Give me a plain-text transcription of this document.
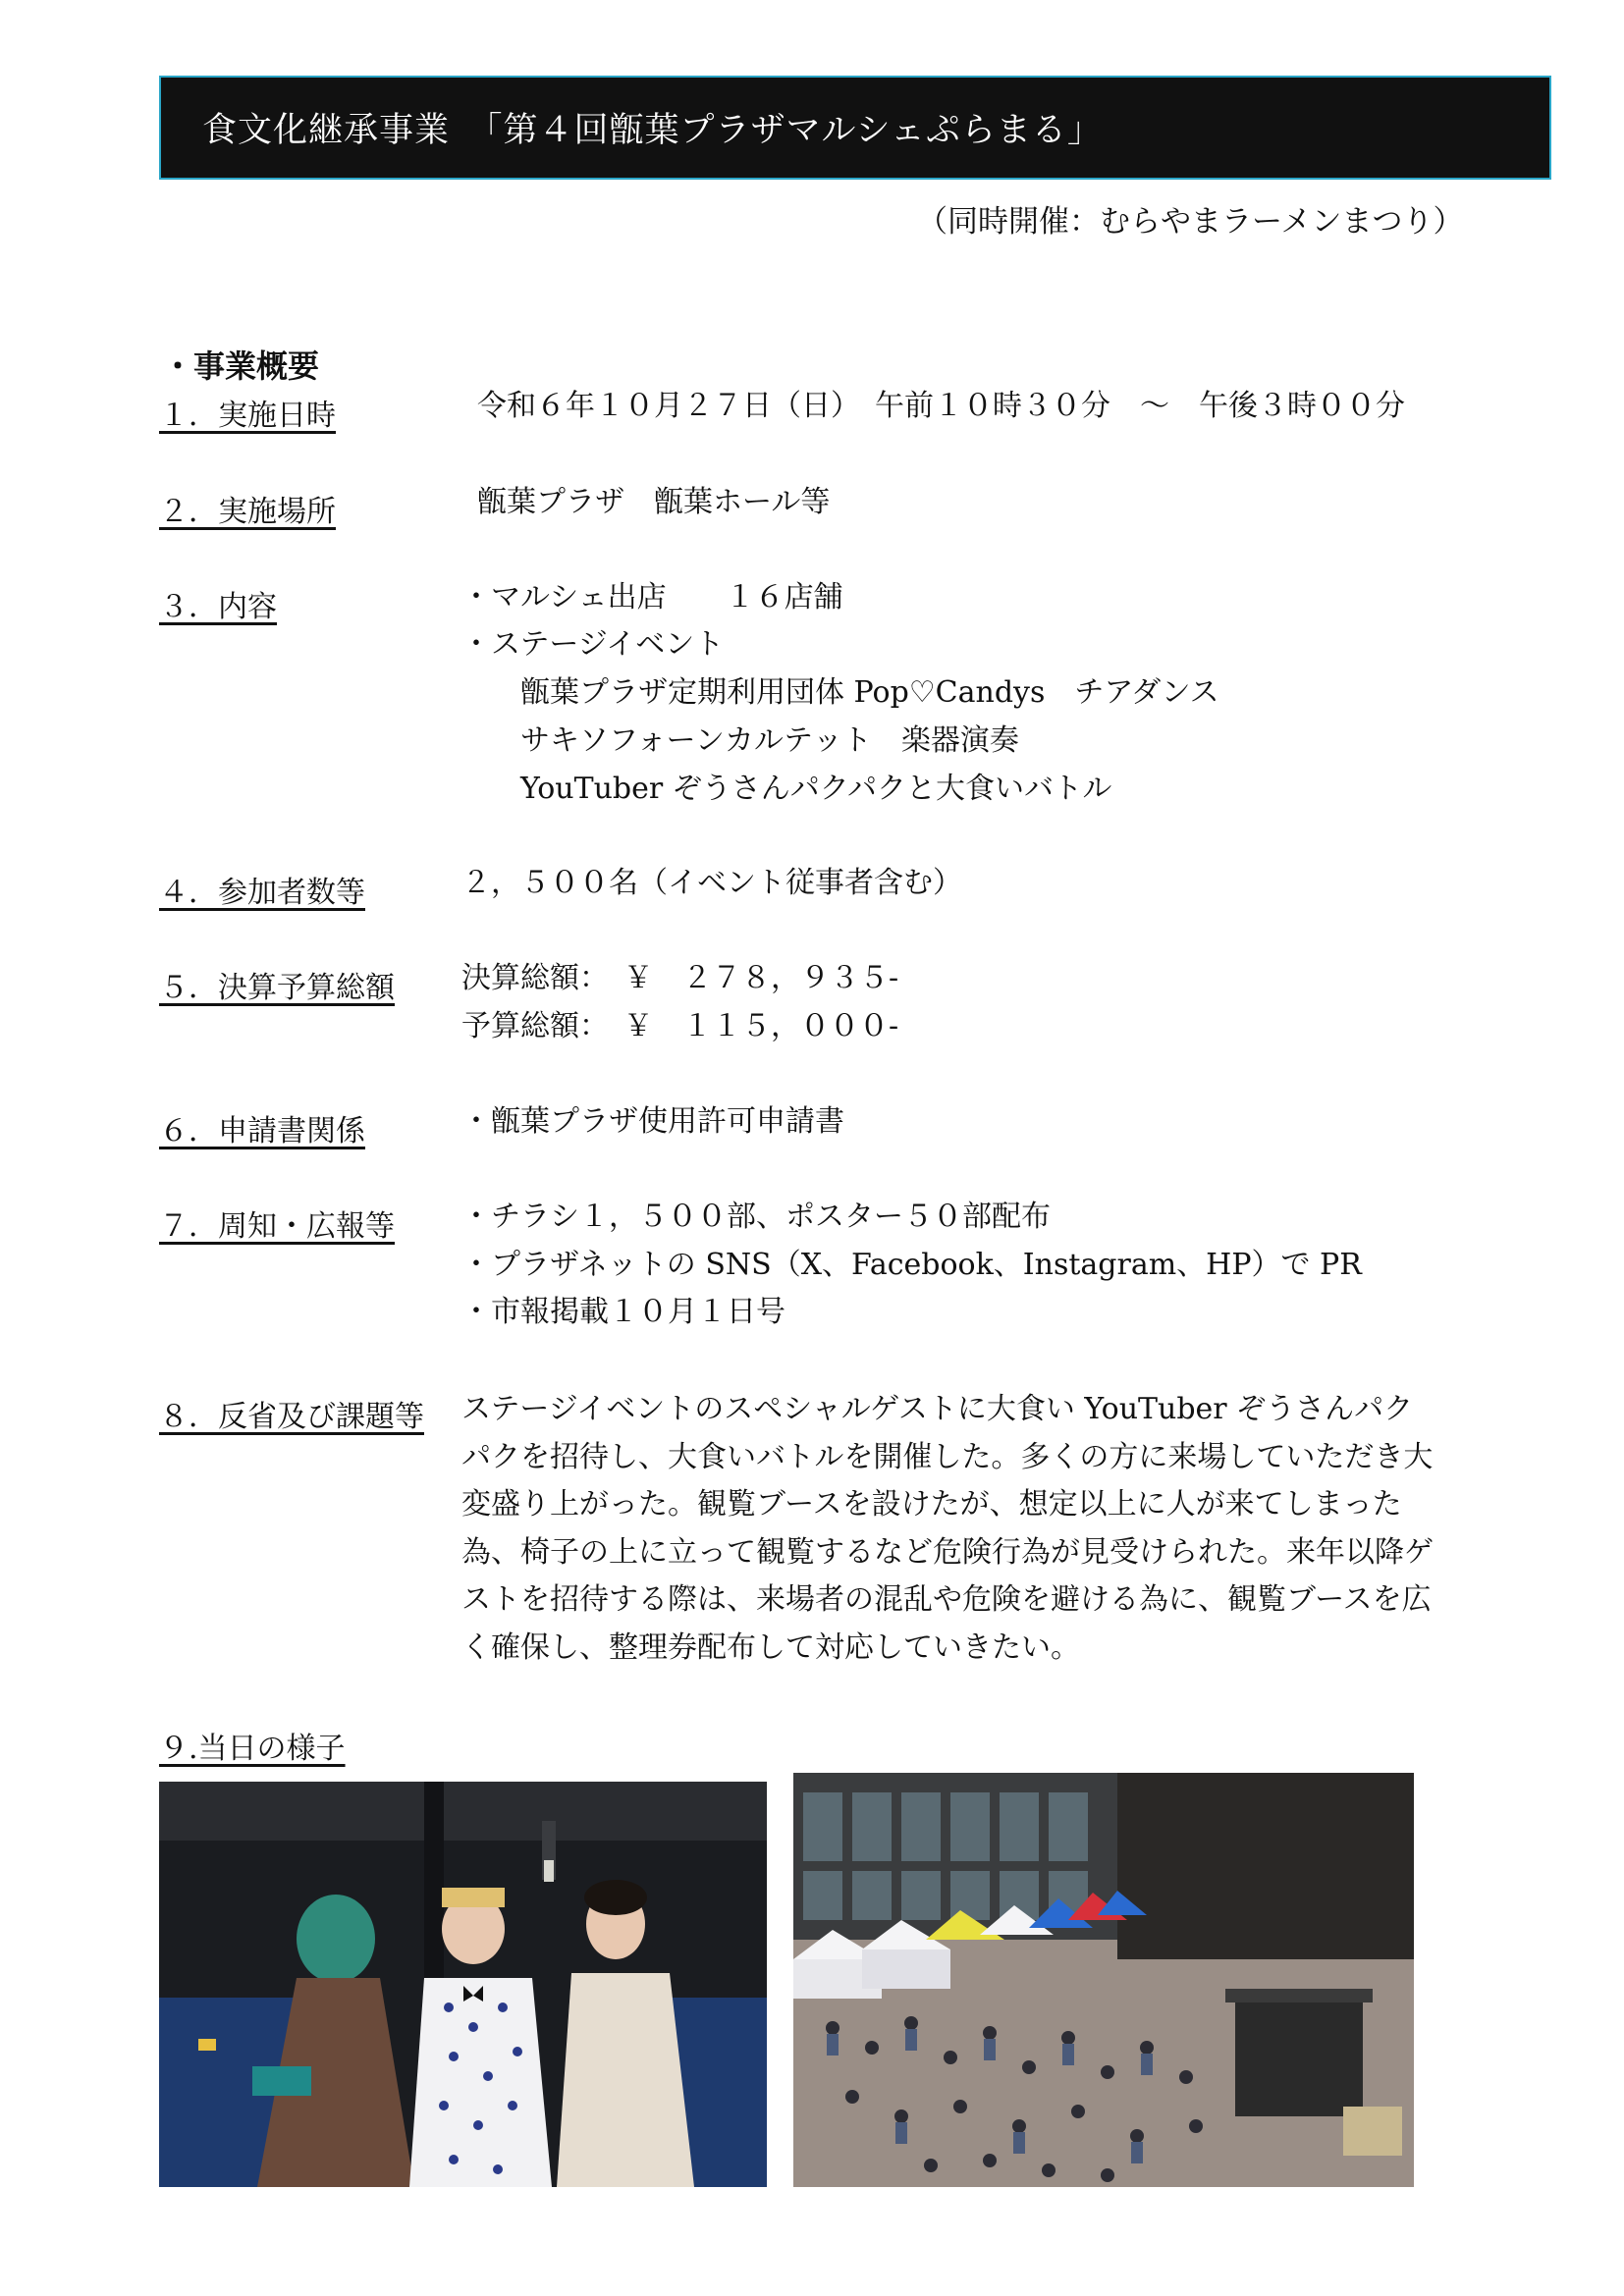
食文化継承事業　「第４回甑葉プラザマルシェぷらまる」
（同時開催：むらやまラーメンまつり）
・事業概要
１．実施日時	令和６年１０月２７日（日）　午前１０時３０分　～　午後３時００分
２．実施場所	甑葉プラザ　甑葉ホール等
３．内容	・マルシェ出店　　１６店舗
・ステージイベント
　甑葉プラザ定期利用団体 Pop♡Candys　チアダンス
　サキソフォーンカルテット　楽器演奏
　YouTuber ぞうさんパクパクと大食いバトル
４．参加者数等	２，５００名（イベント従事者含む）
５．決算予算総額 決算総額：　￥　２７８，９３５-
予算総額：　￥　１１５，０００-
６．申請書関係	・甑葉プラザ使用許可申請書
７．周知・広報等 ・チラシ１，５００部、ポスター５０部配布
・プラザネットの SNS（X、Facebook、Instagram、HP）で PR
・市報掲載１０月１日号
８．反省及び課題等 ステージイベントのスペシャルゲストに大食い YouTuber ぞうさんパクパクを招待し、大食いバトルを開催した。多くの方に来場していただき大変盛り上がった。観覧ブースを設けたが、想定以上に人が来てしまった為、椅子の上に立って観覧するなど危険行為が見受けられた。来年以降ゲストを招待する際は、来場者の混乱や危険を避ける為に、観覧ブースを広く確保し、整理券配布して対応していきたい。
９.当日の様子
